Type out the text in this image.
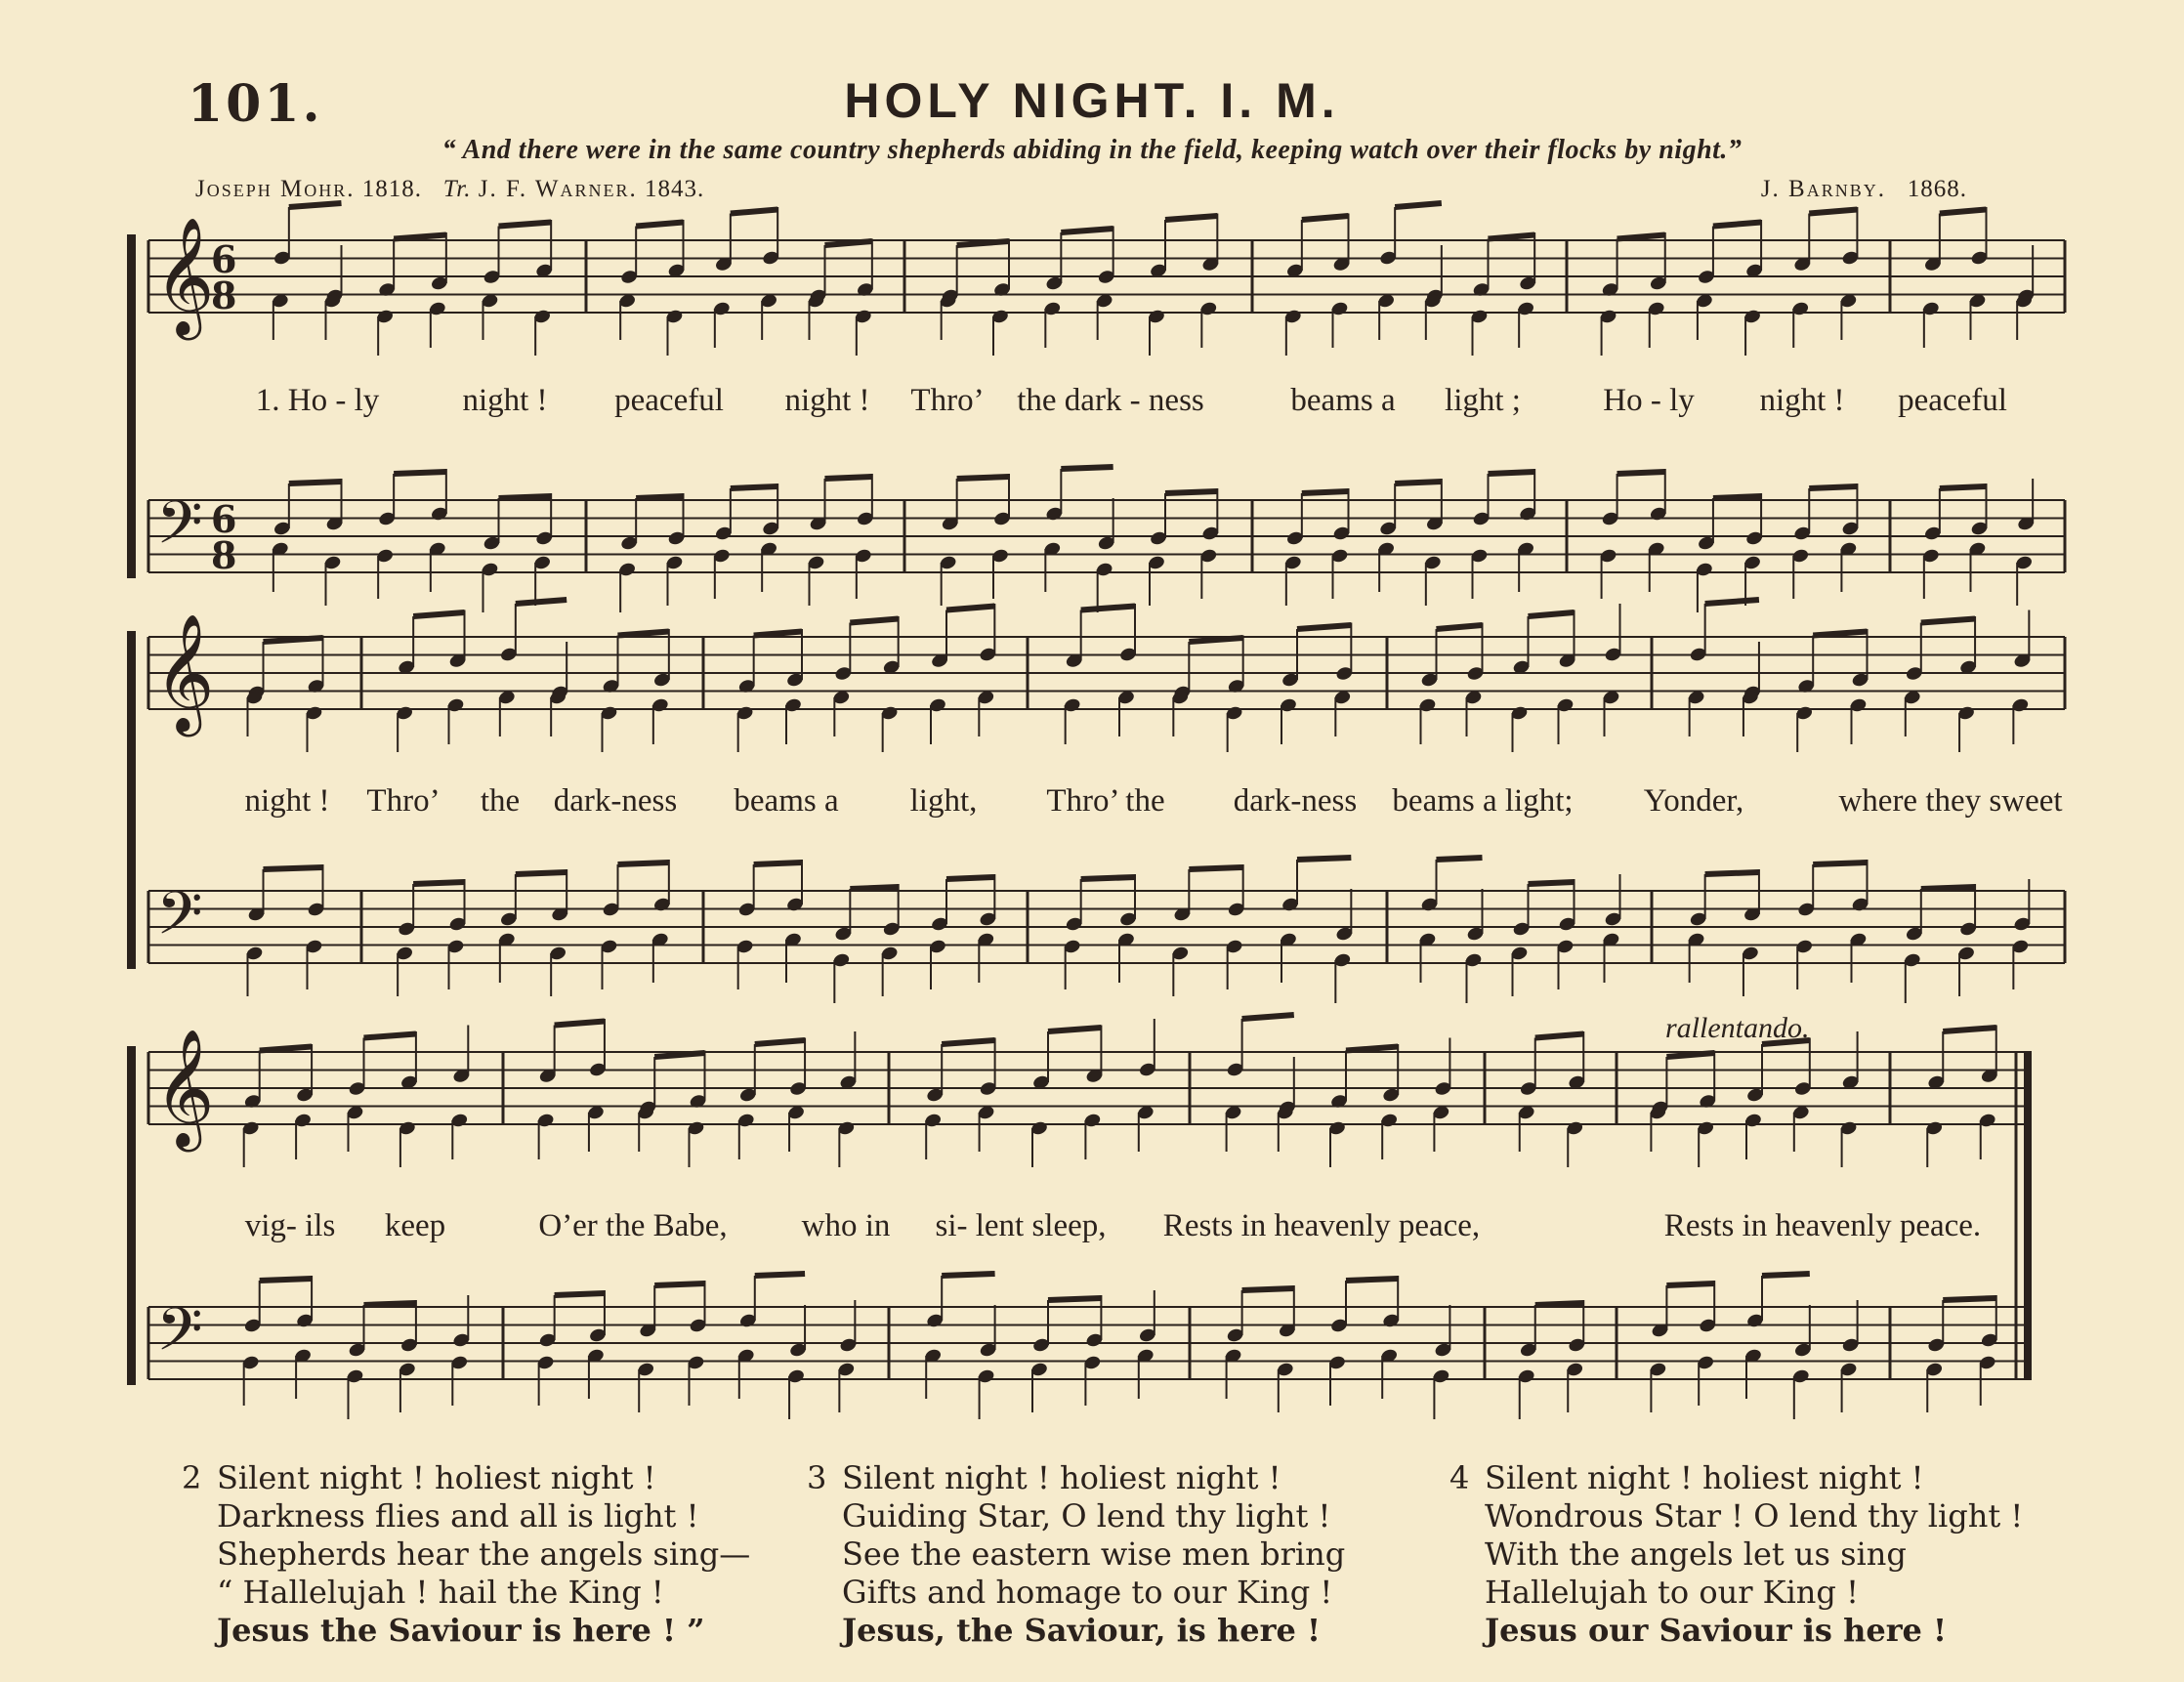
101.	HOLY NIGHT. I. M.
“ And there were in the same country shepherds abiding in the field, keeping watch over their flocks by night.”
Joseph Mohr. 1818. Tr. J. F. Warner. 1843.	J. Barnby. 1868.
𝄞
𝄢
6
8
6
8
𝄞
𝄢
𝄞
𝄢
1. Ho - ly	night ! peaceful night ! Thro’ the dark - ness	beams a light ;	Ho - ly night ! peaceful
night ! Thro’ the dark-ness beams a light, Thro’ the dark-ness beams a light; Yonder,	where they sweet
vig- ils keep	O’er the Babe, who in si- lent sleep, Rests in heavenly peace,	Rests in heavenly peace.
rallentando.
2 Silent night ! holiest night !
Darkness flies and all is light !
Shepherds hear the angels sing—
“ Hallelujah ! hail the King !
Jesus the Saviour is here ! ”
3 Silent night ! holiest night !
Guiding Star, O lend thy light !
See the eastern wise men bring
Gifts and homage to our King !
Jesus, the Saviour, is here !
4 Silent night ! holiest night !
Wondrous Star ! O lend thy light !
With the angels let us sing
Hallelujah to our King !
Jesus our Saviour is here !
